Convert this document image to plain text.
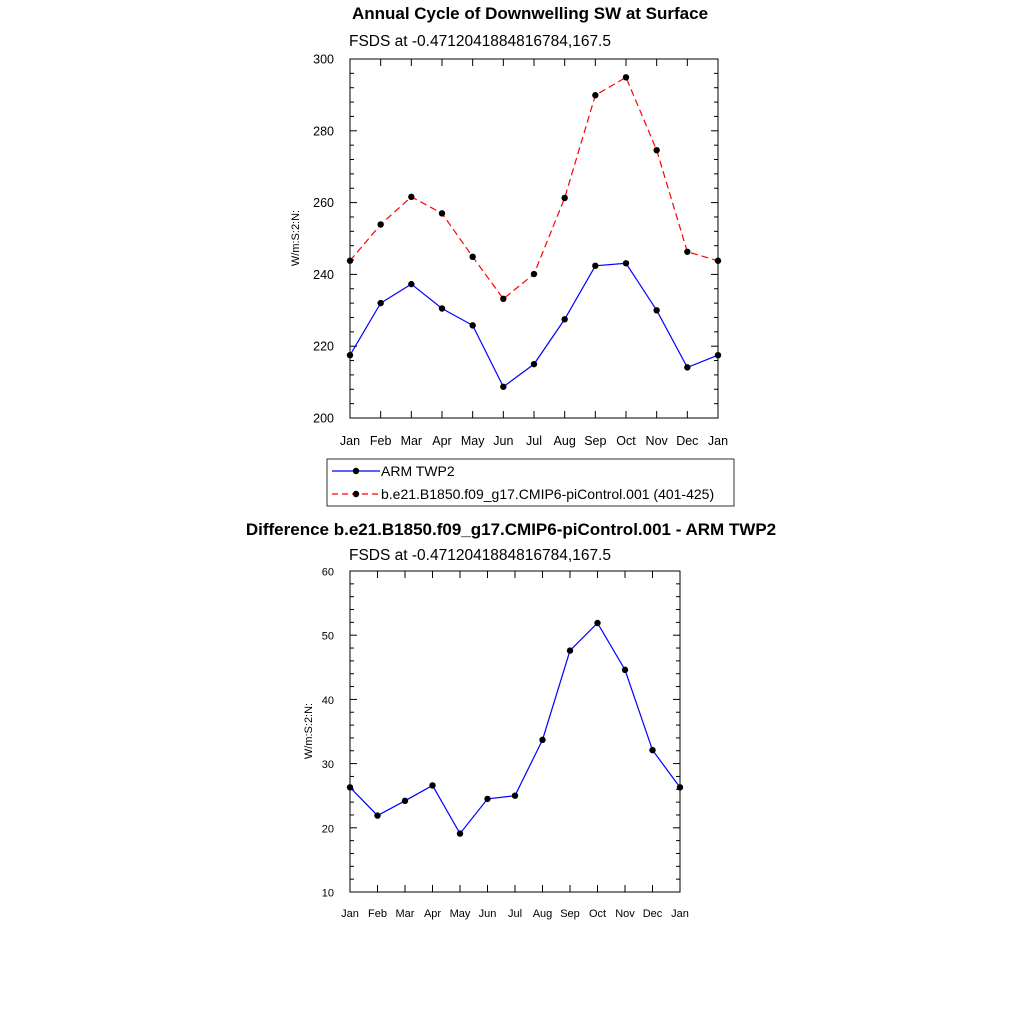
Annual Cycle of Downwelling SW at Surface
FSDS at -0.4712041884816784,167.5
W/m:S:2:N:
Jan Feb Mar Apr May Jun Jul Aug Sep Oct Nov Dec Jan
200
220
240
260
280
300
ARM TWP2
b.e21.B1850.f09_g17.CMIP6-piControl.001 (401-425)
Difference b.e21.B1850.f09_g17.CMIP6-piControl.001 - ARM TWP2
FSDS at -0.4712041884816784,167.5
W/m:S:2:N:
Jan Feb Mar Apr May Jun Jul Aug Sep Oct Nov Dec Jan
10
20
30
40
50
60
